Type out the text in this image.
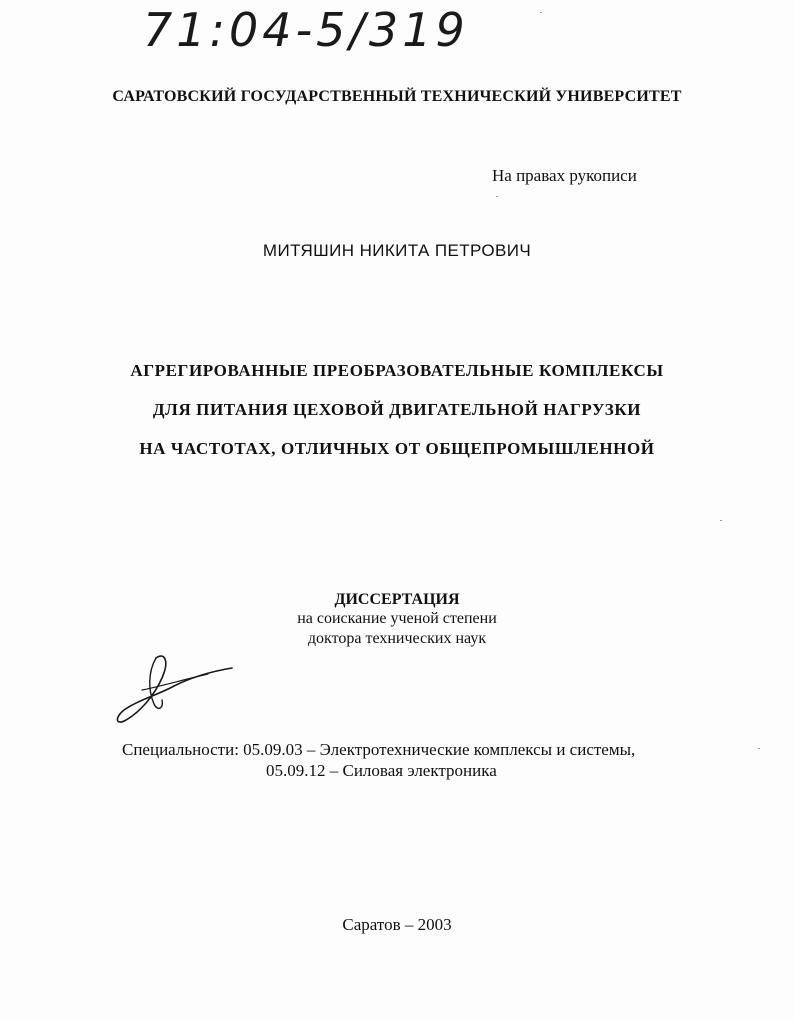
71:04-5/319
САРАТОВСКИЙ ГОСУДАРСТВЕННЫЙ ТЕХНИЧЕСКИЙ УНИВЕРСИТЕТ
На правах рукописи
МИТЯШИН НИКИТА ПЕТРОВИЧ
АГРЕГИРОВАННЫЕ ПРЕОБРАЗОВАТЕЛЬНЫЕ КОМПЛЕКСЫ
ДЛЯ ПИТАНИЯ ЦЕХОВОЙ ДВИГАТЕЛЬНОЙ НАГРУЗКИ
НА ЧАСТОТАХ, ОТЛИЧНЫХ ОТ ОБЩЕПРОМЫШЛЕННОЙ
ДИССЕРТАЦИЯ
на соискание ученой степени
доктора технических наук
Специальности: 05.09.03 – Электротехнические комплексы и системы,
05.09.12 – Силовая электроника
Саратов – 2003
